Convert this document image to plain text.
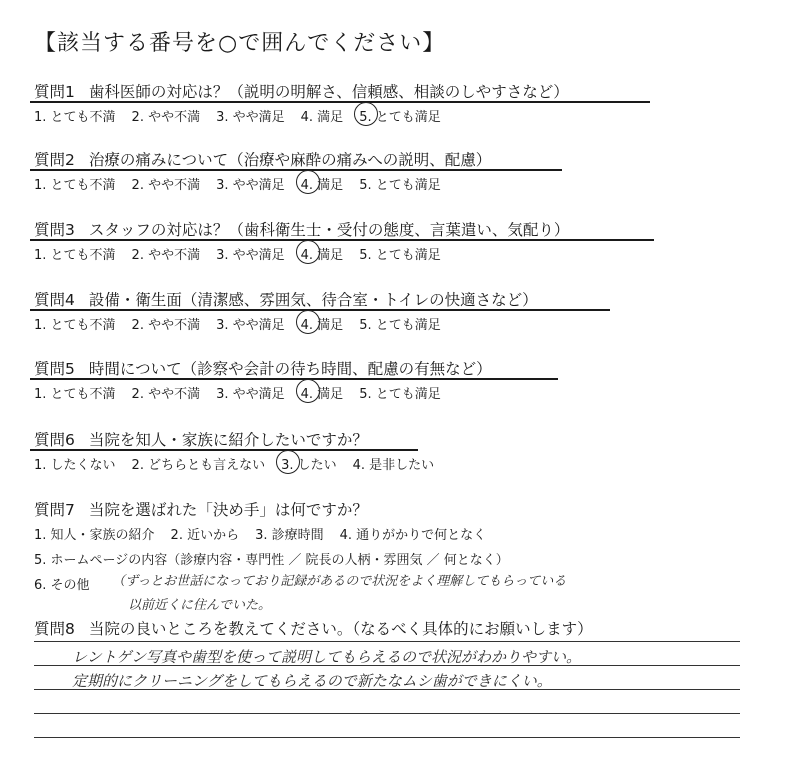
【該当する番号を○で囲んでください】
質問1 歯科医師の対応は？（説明の明解さ、信頼感、相談のしやすさなど）
1. とても不満 2. やや不満 3. やや満足 4. 満足 5. とても満足
質問2 治療の痛みについて（治療や麻酔の痛みへの説明、配慮）
1. とても不満 2. やや不満 3. やや満足 4. 満足 5. とても満足
質問3 スタッフの対応は？（歯科衛生士・受付の態度、言葉遣い、気配り）
1. とても不満 2. やや不満 3. やや満足 4. 満足 5. とても満足
質問4 設備・衛生面（清潔感、雰囲気、待合室・トイレの快適さなど）
1. とても不満 2. やや不満 3. やや満足 4. 満足 5. とても満足
質問5 時間について（診察や会計の待ち時間、配慮の有無など）
1. とても不満 2. やや不満 3. やや満足 4. 満足 5. とても満足
質問6 当院を知人・家族に紹介したいですか？
1. したくない 2. どちらとも言えない 3. したい 4. 是非したい
質問7 当院を選ばれた「決め手」は何ですか？
1. 知人・家族の紹介 2. 近いから 3. 診療時間 4. 通りがかりで何となく
5. ホームページの内容（診療内容・専門性 ／ 院長の人柄・雰囲気 ／ 何となく）
6. その他 （ずっとお世話になっており記録があるので状況をよく理解してもらっている
以前近くに住んでいた。
質問8 当院の良いところを教えてください。（なるべく具体的にお願いします）
レントゲン写真や歯型を使って説明してもらえるので状況がわかりやすい。
定期的にクリーニングをしてもらえるので新たなムシ歯ができにくい。
